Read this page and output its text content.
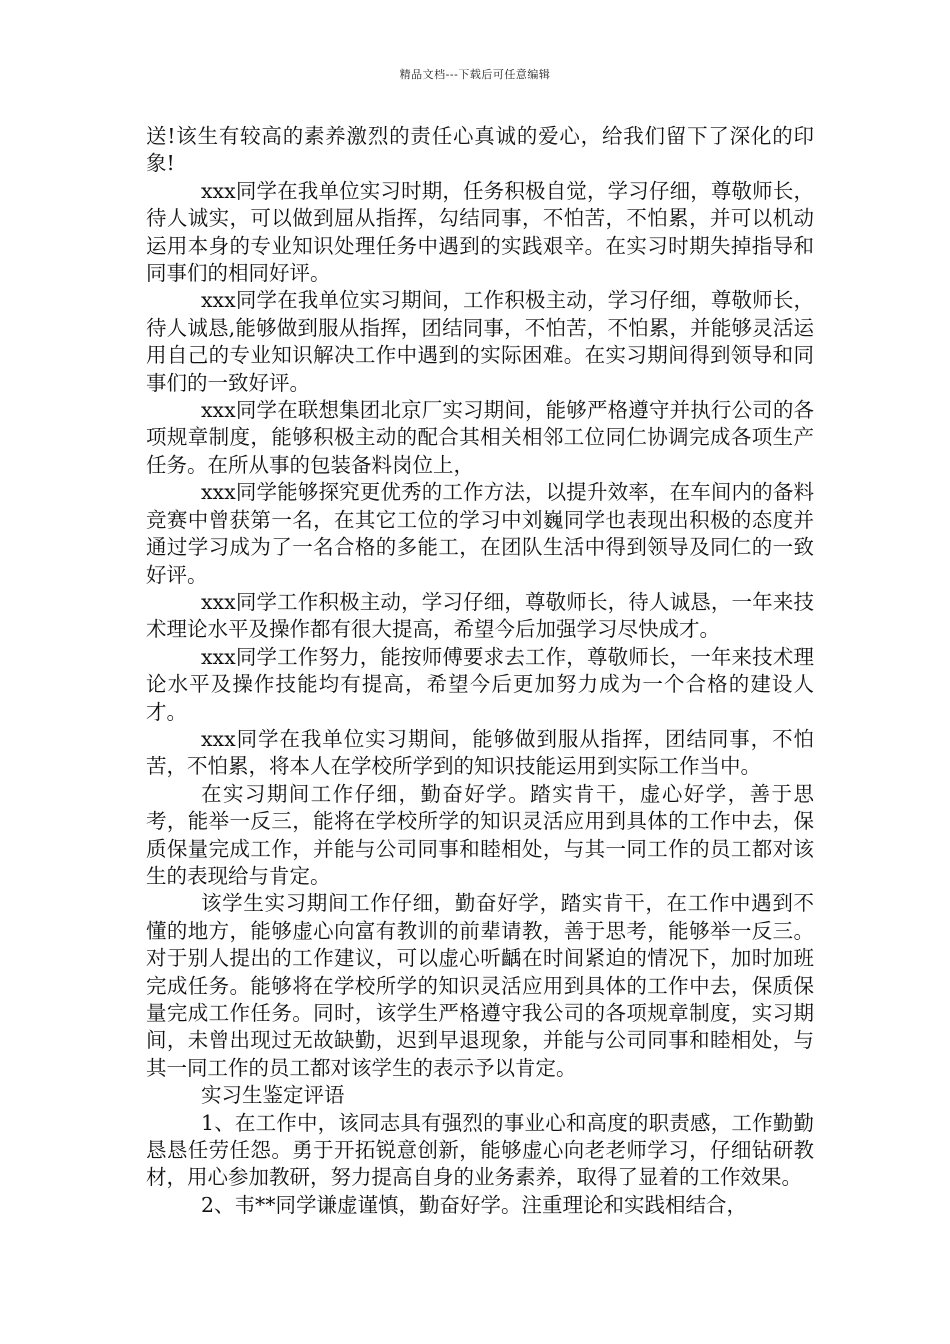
精品文档---下载后可任意编辑

送!该生有较高的素养激烈的责任心真诚的爱心，给我们留下了深化的印象!

xxx同学在我单位实习时期，任务积极自觉，学习仔细，尊敬师长，待人诚实，可以做到屈从指挥，勾结同事，不怕苦，不怕累，并可以机动运用本身的专业知识处理任务中遇到的实践艰辛。在实习时期失掉指导和同事们的相同好评。

xxx同学在我单位实习期间，工作积极主动，学习仔细，尊敬师长，待人诚恳,能够做到服从指挥，团结同事，不怕苦，不怕累，并能够灵活运用自己的专业知识解决工作中遇到的实际困难。在实习期间得到领导和同事们的一致好评。

xxx同学在联想集团北京厂实习期间，能够严格遵守并执行公司的各项规章制度，能够积极主动的配合其相关相邻工位同仁协调完成各项生产任务。在所从事的包装备料岗位上，

xxx同学能够探究更优秀的工作方法，以提升效率，在车间内的备料竞赛中曾获第一名，在其它工位的学习中刘巍同学也表现出积极的态度并通过学习成为了一名合格的多能工，在团队生活中得到领导及同仁的一致好评。

xxx同学工作积极主动，学习仔细，尊敬师长，待人诚恳，一年来技术理论水平及操作都有很大提高，希望今后加强学习尽快成才。

xxx同学工作努力，能按师傅要求去工作，尊敬师长，一年来技术理论水平及操作技能均有提高，希望今后更加努力成为一个合格的建设人才。

xxx同学在我单位实习期间，能够做到服从指挥，团结同事，不怕苦，不怕累，将本人在学校所学到的知识技能运用到实际工作当中。

在实习期间工作仔细，勤奋好学。踏实肯干，虚心好学，善于思考，能举一反三，能将在学校所学的知识灵活应用到具体的工作中去，保质保量完成工作，并能与公司同事和睦相处，与其一同工作的员工都对该生的表现给与肯定。

该学生实习期间工作仔细，勤奋好学，踏实肯干，在工作中遇到不懂的地方，能够虚心向富有教训的前辈请教，善于思考，能够举一反三。对于别人提出的工作建议，可以虚心听齲在时间紧迫的情况下，加时加班完成任务。能够将在学校所学的知识灵活应用到具体的工作中去，保质保量完成工作任务。同时，该学生严格遵守我公司的各项规章制度，实习期间，未曾出现过无故缺勤，迟到早退现象，并能与公司同事和睦相处，与其一同工作的员工都对该学生的表示予以肯定。

实习生鉴定评语

1、在工作中，该同志具有强烈的事业心和高度的职责感，工作勤勤恳恳任劳任怨。勇于开拓锐意创新，能够虚心向老老师学习，仔细钻研教材，用心参加教研，努力提高自身的业务素养，取得了显着的工作效果。

2、韦**同学谦虚谨慎，勤奋好学。注重理论和实践相结合，
